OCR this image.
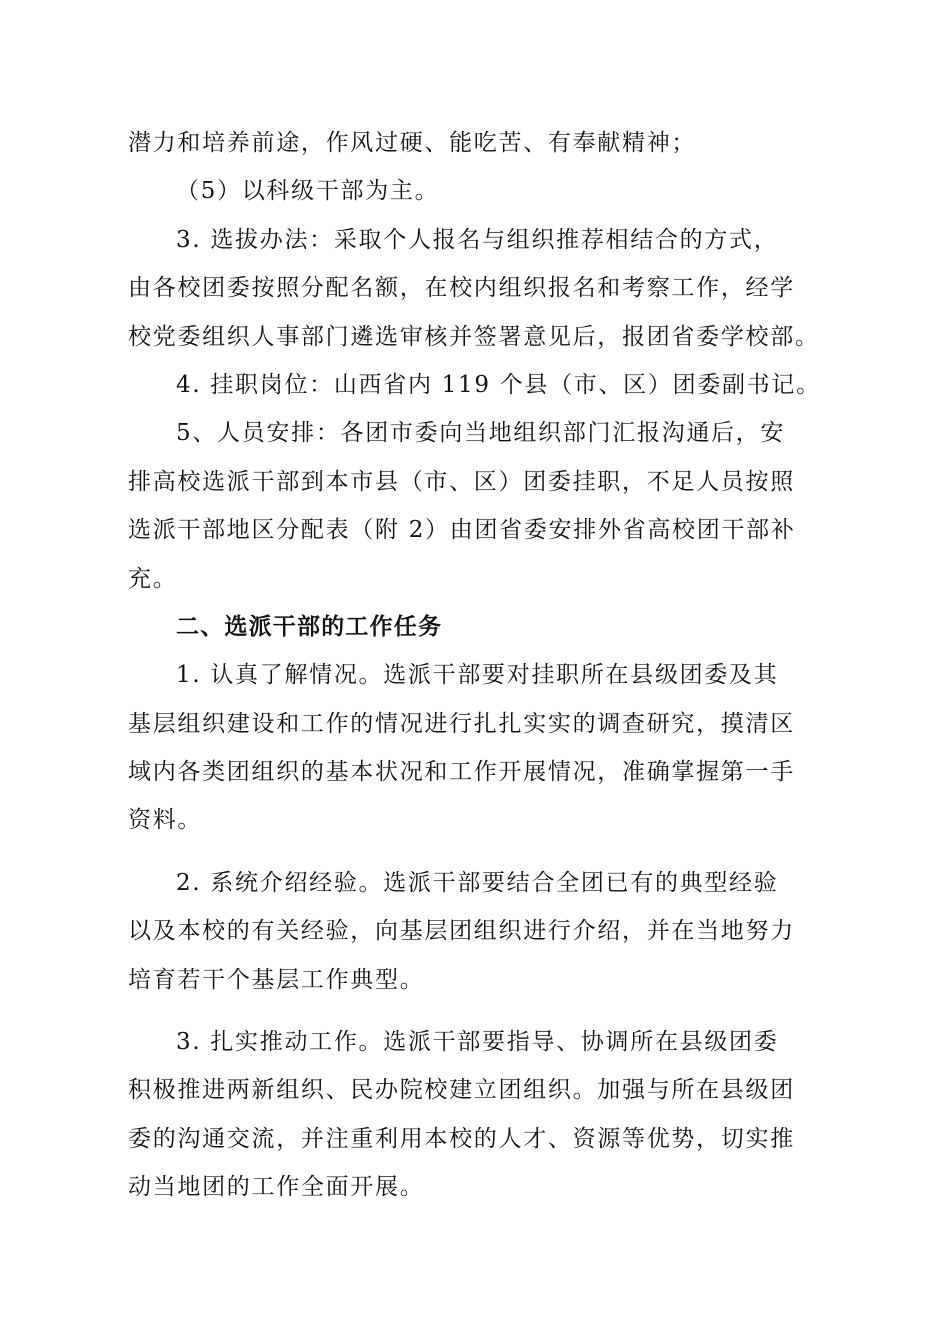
潜力和培养前途，作风过硬、能吃苦、有奉献精神；
（5）以科级干部为主。
3. 选拔办法：采取个人报名与组织推荐相结合的方式，
由各校团委按照分配名额，在校内组织报名和考察工作，经学
校党委组织人事部门遴选审核并签署意见后，报团省委学校部。
4. 挂职岗位：山西省内 119 个县（市、区）团委副书记。
5、人员安排：各团市委向当地组织部门汇报沟通后，安
排高校选派干部到本市县（市、区）团委挂职，不足人员按照
选派干部地区分配表（附 2）由团省委安排外省高校团干部补
充。
二、选派干部的工作任务
1. 认真了解情况。选派干部要对挂职所在县级团委及其
基层组织建设和工作的情况进行扎扎实实的调查研究，摸清区
域内各类团组织的基本状况和工作开展情况，准确掌握第一手
资料。
2. 系统介绍经验。选派干部要结合全团已有的典型经验
以及本校的有关经验，向基层团组织进行介绍，并在当地努力
培育若干个基层工作典型。
3. 扎实推动工作。选派干部要指导、协调所在县级团委
积极推进两新组织、民办院校建立团组织。加强与所在县级团
委的沟通交流，并注重利用本校的人才、资源等优势，切实推
动当地团的工作全面开展。
